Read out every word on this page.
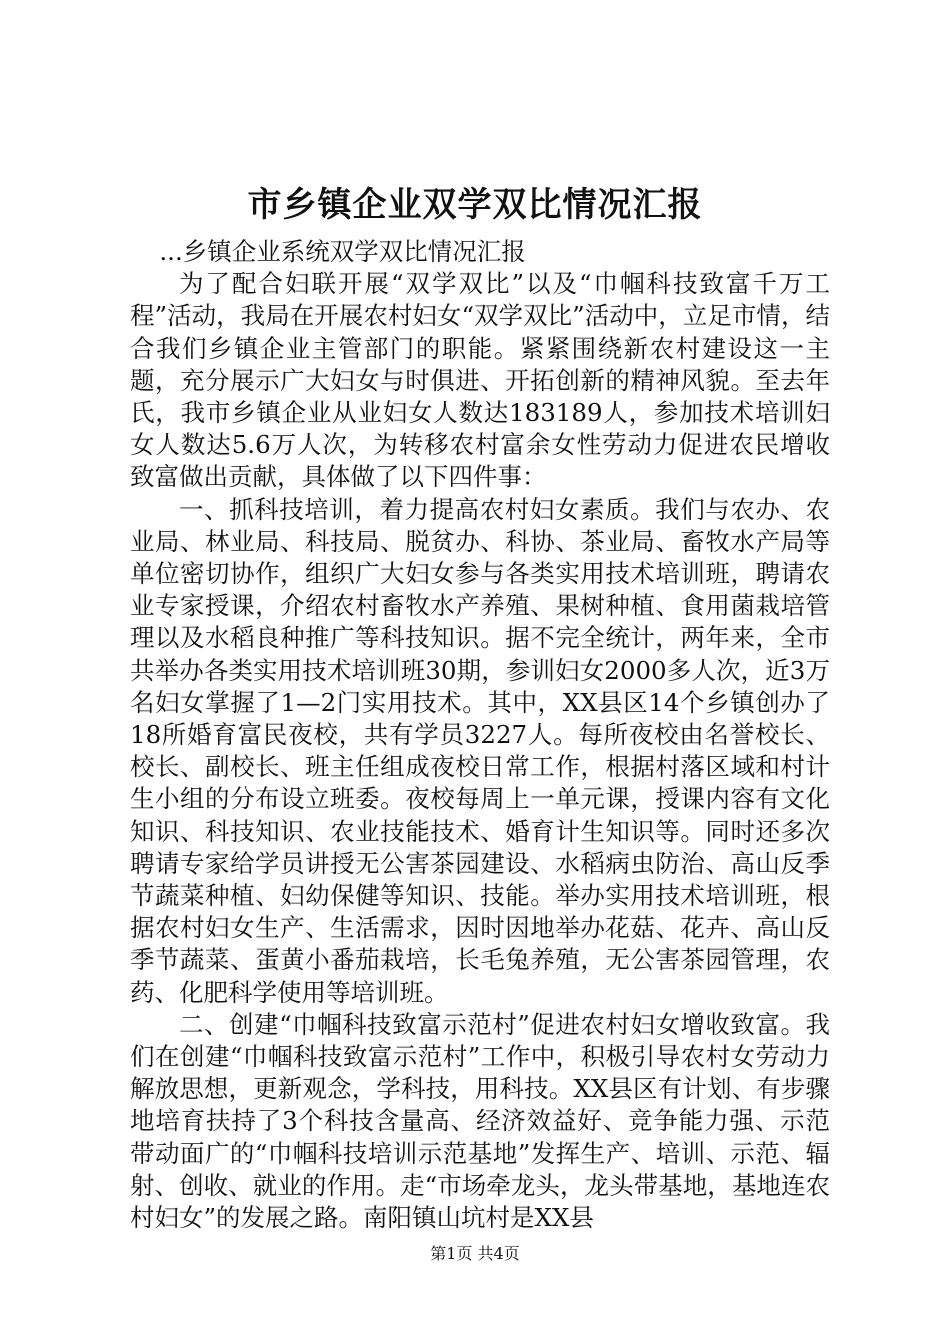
市乡镇企业双学双比情况汇报

...乡镇企业系统双学双比情况汇报

为了配合妇联开展“双学双比”以及“巾帼科技致富千万工程”活动，我局在开展农村妇女“双学双比”活动中，立足市情，结合我们乡镇企业主管部门的职能。紧紧围绕新农村建设这一主题，充分展示广大妇女与时俱进、开拓创新的精神风貌。至去年氏，我市乡镇企业从业妇女人数达183189人，参加技术培训妇女人数达5.6万人次，为转移农村富余女性劳动力促进农民增收致富做出贡献，具体做了以下四件事：

一、抓科技培训，着力提高农村妇女素质。我们与农办、农业局、林业局、科技局、脱贫办、科协、茶业局、畜牧水产局等单位密切协作，组织广大妇女参与各类实用技术培训班，聘请农业专家授课，介绍农村畜牧水产养殖、果树种植、食用菌栽培管理以及水稻良种推广等科技知识。据不完全统计，两年来，全市共举办各类实用技术培训班30期，参训妇女2000多人次，近3万名妇女掌握了1—2门实用技术。其中，XX县区14个乡镇创办了18所婚育富民夜校，共有学员3227人。每所夜校由名誉校长、校长、副校长、班主任组成夜校日常工作，根据村落区域和村计生小组的分布设立班委。夜校每周上一单元课，授课内容有文化知识、科技知识、农业技能技术、婚育计生知识等。同时还多次聘请专家给学员讲授无公害茶园建设、水稻病虫防治、高山反季节蔬菜种植、妇幼保健等知识、技能。举办实用技术培训班，根据农村妇女生产、生活需求，因时因地举办花菇、花卉、高山反季节蔬菜、蛋黄小番茄栽培，长毛兔养殖，无公害茶园管理，农药、化肥科学使用等培训班。

二、创建“巾帼科技致富示范村”促进农村妇女增收致富。我们在创建“巾帼科技致富示范村”工作中，积极引导农村女劳动力解放思想，更新观念，学科技，用科技。XX县区有计划、有步骤地培育扶持了3个科技含量高、经济效益好、竞争能力强、示范带动面广的“巾帼科技培训示范基地”发挥生产、培训、示范、辐射、创收、就业的作用。走“市场牵龙头，龙头带基地，基地连农村妇女”的发展之路。南阳镇山坑村是XX县

第1页 共4页
